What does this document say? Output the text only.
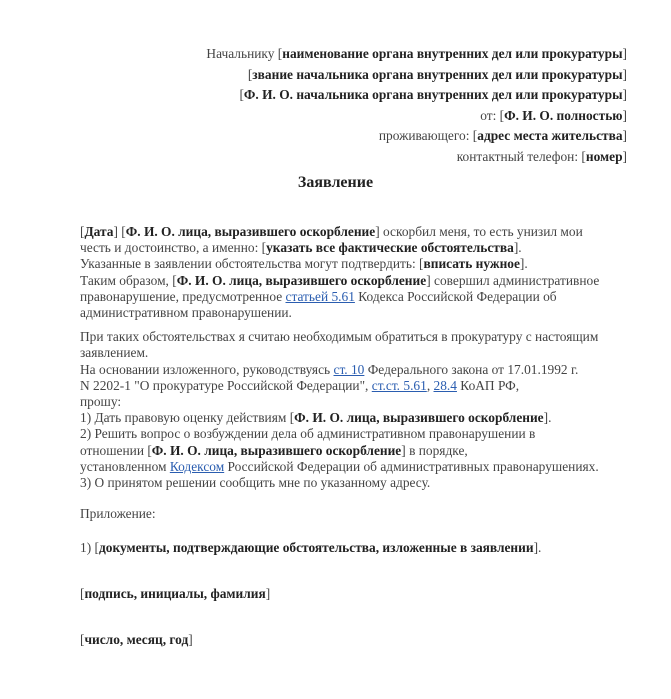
Начальнику [наименование органа внутренних дел или прокуратуры]
[звание начальника органа внутренних дел или прокуратуры]
[Ф. И. О. начальника органа внутренних дел или прокуратуры]
от: [Ф. И. О. полностью]
проживающего: [адрес места жительства]
контактный телефон: [номер]
Заявление
[Дата] [Ф. И. О. лица, выразившего оскорбление] оскорбил меня, то есть унизил мои
честь и достоинство, а именно: [указать все фактические обстоятельства].
Указанные в заявлении обстоятельства могут подтвердить: [вписать нужное].
Таким образом, [Ф. И. О. лица, выразившего оскорбление] совершил административное
правонарушение, предусмотренное статьей 5.61 Кодекса Российской Федерации об
административном правонарушении.
При таких обстоятельствах я считаю необходимым обратиться в прокуратуру с настоящим
заявлением.
На основании изложенного, руководствуясь ст. 10 Федерального закона от 17.01.1992 г.
N 2202-1 "О прокуратуре Российской Федерации", ст.ст. 5.61, 28.4 КоАП РФ,
прошу:
1) Дать правовую оценку действиям [Ф. И. О. лица, выразившего оскорбление].
2) Решить вопрос о возбуждении дела об административном правонарушении в
отношении [Ф. И. О. лица, выразившего оскорбление] в порядке,
установленном Кодексом Российской Федерации об административных правонарушениях.
3) О принятом решении сообщить мне по указанному адресу.
Приложение:
1) [документы, подтверждающие обстоятельства, изложенные в заявлении].
[подпись, инициалы, фамилия]
[число, месяц, год]
